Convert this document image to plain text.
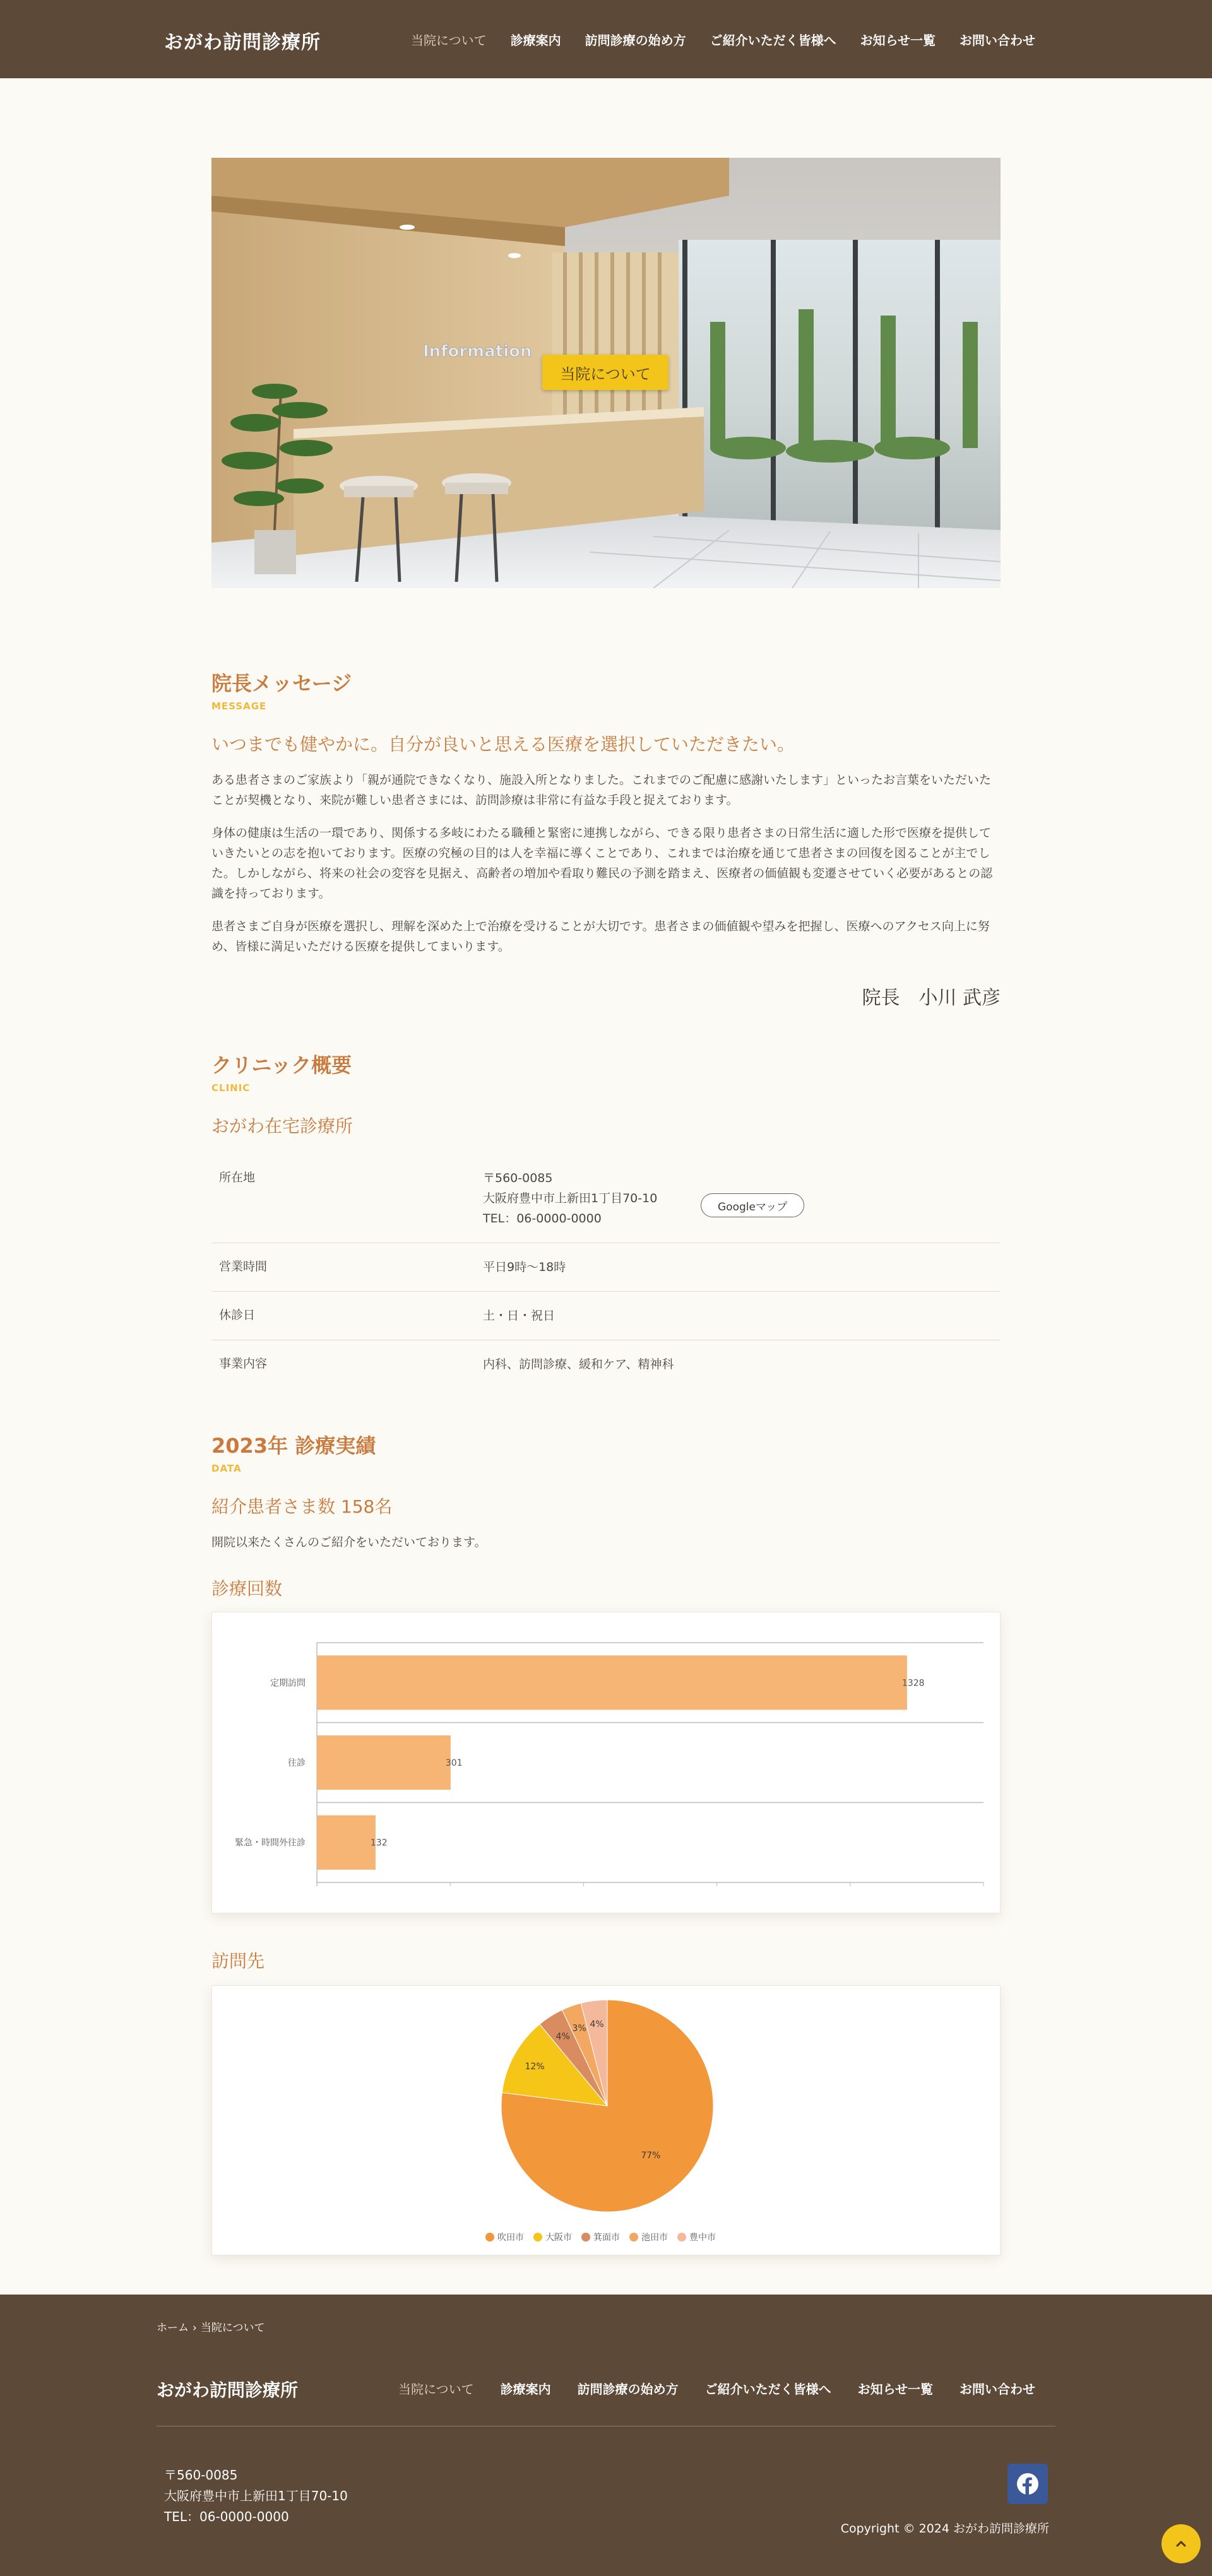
おがわ訪問診療所	当院について 診療案内 訪問診療の始め方 ご紹介いただく皆様へ お知らせ一覧 お問い合わせ
Information
当院について
院長メッセージ
MESSAGE
いつまでも健やかに。自分が良いと思える医療を選択していただきたい。

ある患者さまのご家族より「親が通院できなくなり、施設入所となりました。これまでのご配慮に感謝いたします」といったお言葉をいただいたことが契機となり、来院が難しい患者さまには、訪問診療は非常に有益な手段と捉えております。

身体の健康は生活の一環であり、関係する多岐にわたる職種と緊密に連携しながら、できる限り患者さまの日常生活に適した形で医療を提供していきたいとの志を抱いております。医療の究極の目的は人を幸福に導くことであり、これまでは治療を通じて患者さまの回復を図ることが主でした。しかしながら、将来の社会の変容を見据え、高齢者の増加や看取り難民の予測を踏まえ、医療者の価値観も変遷させていく必要があるとの認識を持っております。

患者さまご自身が医療を選択し、理解を深めた上で治療を受けることが大切です。患者さまの価値観や望みを把握し、医療へのアクセス向上に努め、皆様に満足いただける医療を提供してまいります。

院長　小川 武彦
クリニック概要
CLINIC
おがわ在宅診療所
所在地	〒560-0085
大阪府豊中市上新田1丁目70-10
TEL：06-0000-0000
Googleマップ

営業時間	平日9時〜18時
休診日	土・日・祝日
事業内容	内科、訪問診療、緩和ケア、精神科
2023年 診療実績
DATA
紹介患者さま数 158名

開院以来たくさんのご紹介をいただいております。

診療回数
定期訪問	1328
往診	301
緊急・時間外往診	132
訪問先
77%
12%
4%
3% 4%
吹田市 大阪市 箕面市 池田市 豊中市
ホーム › 当院について
おがわ訪問診療所	当院について 診療案内 訪問診療の始め方 ご紹介いただく皆様へ お知らせ一覧 お問い合わせ
〒560-0085
大阪府豊中市上新田1丁目70-10
TEL：06-0000-0000
Copyright © 2024 おがわ訪問診療所
